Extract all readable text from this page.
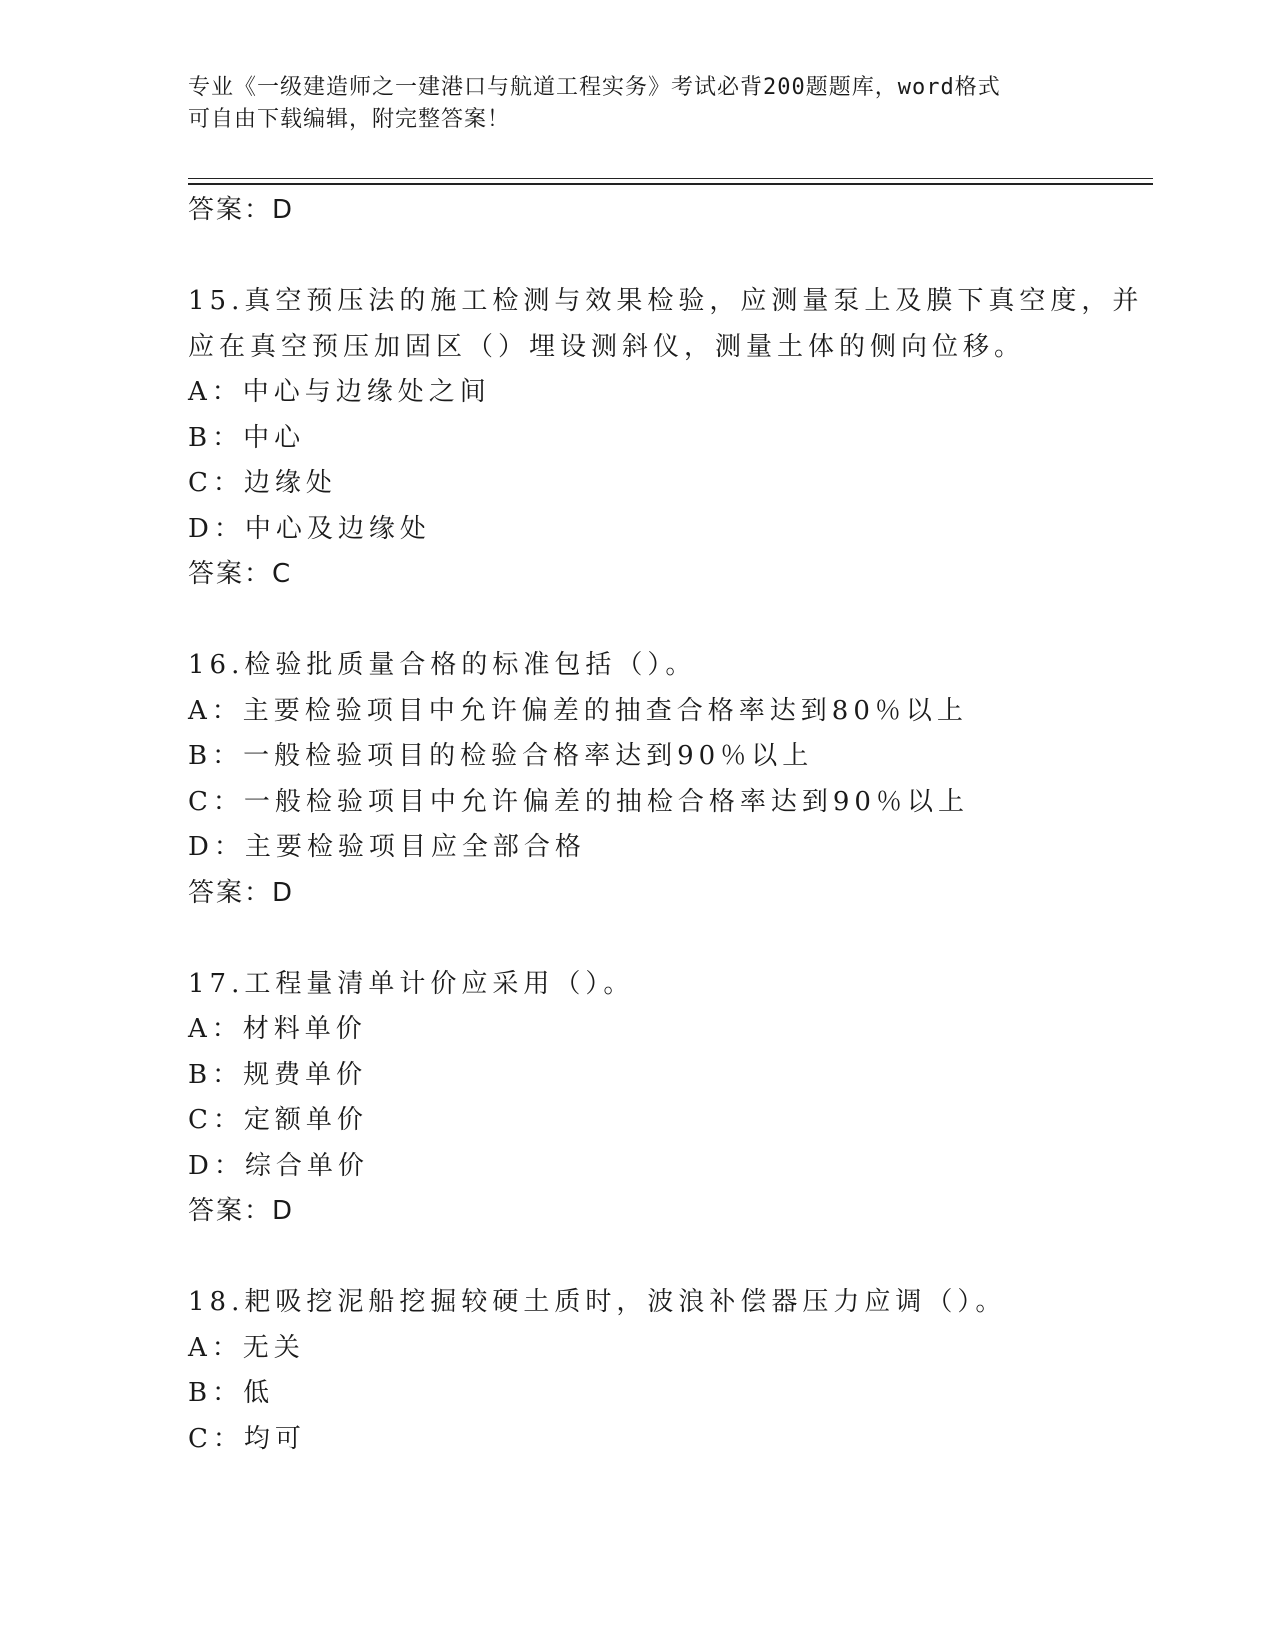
专业《一级建造师之一建港口与航道工程实务》考试必背200题题库，word格式
可自由下载编辑，附完整答案！
答案：D
15.真空预压法的施工检测与效果检验，应测量泵上及膜下真空度，并
应在真空预压加固区（）埋设测斜仪，测量土体的侧向位移。
A：中心与边缘处之间
B：中心
C：边缘处
D：中心及边缘处
答案：C
16.检验批质量合格的标准包括（）。
A：主要检验项目中允许偏差的抽查合格率达到80％以上
B：一般检验项目的检验合格率达到90％以上
C：一般检验项目中允许偏差的抽检合格率达到90％以上
D：主要检验项目应全部合格
答案：D
17.工程量清单计价应采用（）。
A：材料单价
B：规费单价
C：定额单价
D：综合单价
答案：D
18.耙吸挖泥船挖掘较硬土质时，波浪补偿器压力应调（）。
A：无关
B：低
C：均可
